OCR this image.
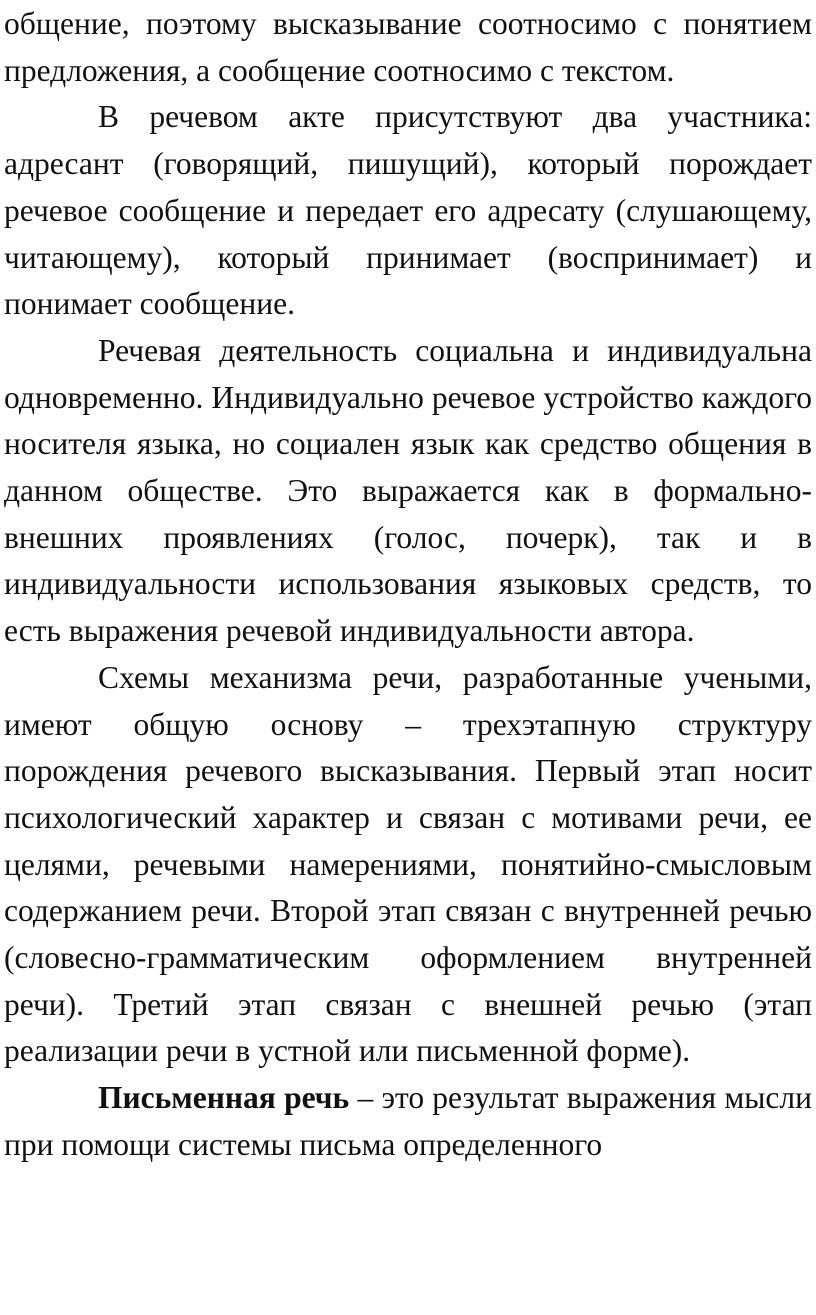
общение, поэтому высказывание соотносимо с понятием предложения, а сообщение соотносимо с текстом.

В речевом акте присутствуют два участника: адресант (говорящий, пишущий), который порождает речевое сообщение и передает его адресату (слушающему, читающему), который принимает (воспринимает) и понимает сообщение.

Речевая деятельность социальна и индивидуальна одновременно. Индивидуально речевое устройство каждого носителя языка, но социален язык как средство общения в данном обществе. Это выражается как в формально-внешних проявлениях (голос, почерк), так и в индивидуальности использования языковых средств, то есть выражения речевой индивидуальности автора.

Схемы механизма речи, разработанные учеными, имеют общую основу – трехэтапную структуру порождения речевого высказывания. Первый этап носит психологический характер и связан с мотивами речи, ее целями, речевыми намерениями, понятийно-смысловым содержанием речи. Второй этап связан с внутренней речью (словесно-грамматическим оформлением внутренней речи). Третий этап связан с внешней речью (этап реализации речи в устной или письменной форме).

Письменная речь – это результат выражения мысли при помощи системы письма определенного
